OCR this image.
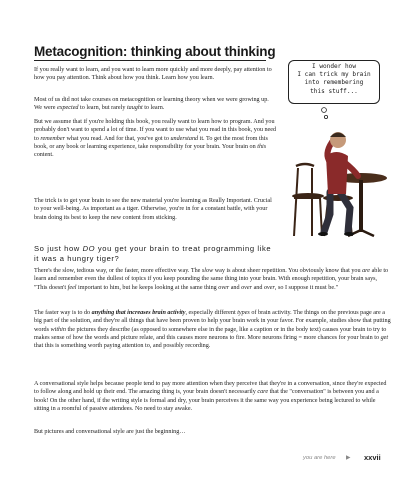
Metacognition: thinking about thinking

If you really want to learn, and you want to learn more quickly and more deeply, pay attention to how you pay attention. Think about how you think. Learn how you learn.

Most of us did not take courses on metacognition or learning theory when we were growing up. We were expected to learn, but rarely taught to learn.

But we assume that if you're holding this book, you really want to learn how to program. And you probably don't want to spend a lot of time. If you want to use what you read in this book, you need to remember what you read. And for that, you've got to understand it. To get the most from this book, or any book or learning experience, take responsibility for your brain. Your brain on this content.

The trick is to get your brain to see the new material you're learning as Really Important. Crucial to your well-being. As important as a tiger. Otherwise, you're in for a constant battle, with your brain doing its best to keep the new content from sticking.

So just how DO you get your brain to treat programming like it was a hungry tiger?

There's the slow, tedious way, or the faster, more effective way. The slow way is about sheer repetition. You obviously know that you are able to learn and remember even the dullest of topics if you keep pounding the same thing into your brain. With enough repetition, your brain says, "This doesn't feel important to him, but he keeps looking at the same thing over and over and over, so I suppose it must be."

The faster way is to do anything that increases brain activity, especially different types of brain activity. The things on the previous page are a big part of the solution, and they're all things that have been proven to help your brain work in your favor. For example, studies show that putting words within the pictures they describe (as opposed to somewhere else in the page, like a caption or in the body text) causes your brain to try to makes sense of how the words and picture relate, and this causes more neurons to fire. More neurons firing = more chances for your brain to get that this is something worth paying attention to, and possibly recording.

A conversational style helps because people tend to pay more attention when they perceive that they're in a conversation, since they're expected to follow along and hold up their end. The amazing thing is, your brain doesn't necessarily care that the "conversation" is between you and a book! On the other hand, if the writing style is formal and dry, your brain perceives it the same way you experience being lectured to while sitting in a roomful of passive attendees. No need to stay awake.

But pictures and conversational style are just the beginning…

I wonder how
I can trick my brain
into remembering
this stuff...
you are here ▶ xxvii
